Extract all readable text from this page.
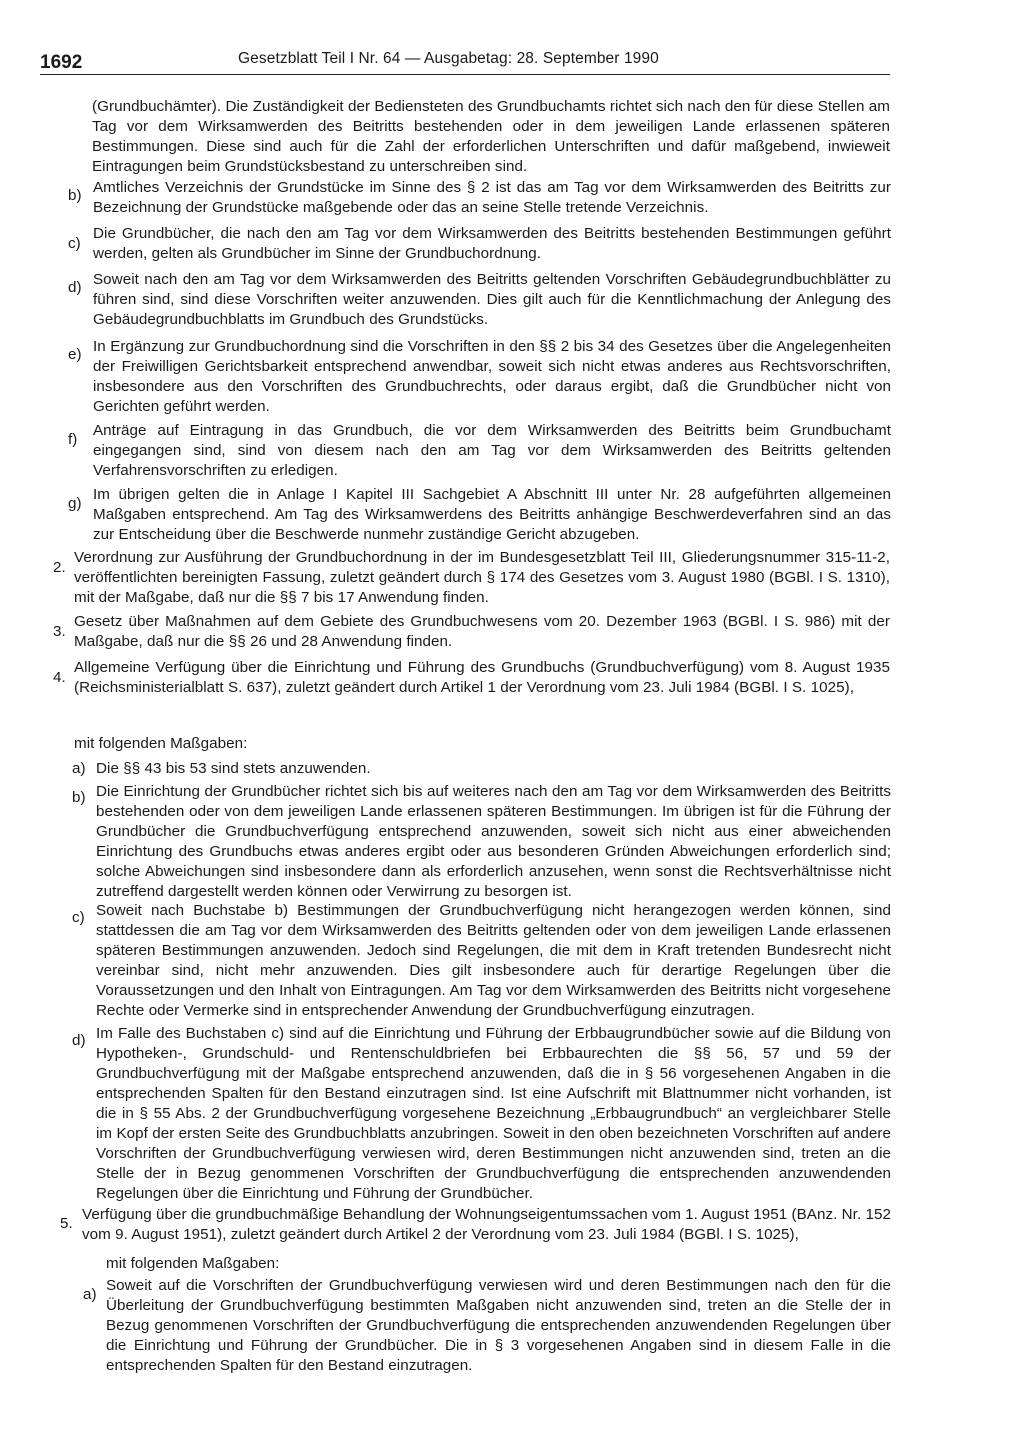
1692	Gesetzblatt Teil I Nr. 64 — Ausgabetag: 28. September 1990

(Grundbuchämter). Die Zuständigkeit der Bediensteten des Grundbuchamts richtet sich nach den für diese Stellen am Tag vor dem Wirksamwerden des Beitritts bestehenden oder in dem jeweiligen Lande erlassenen späteren Bestimmungen. Diese sind auch für die Zahl der erforderlichen Unterschriften und dafür maßgebend, inwieweit Eintragungen beim Grundstücksbestand zu unterschreiben sind.

b) Amtliches Verzeichnis der Grundstücke im Sinne des § 2 ist das am Tag vor dem Wirksamwerden des Beitritts zur Bezeichnung der Grundstücke maßgebende oder das an seine Stelle tretende Verzeichnis.

c)

Die Grundbücher, die nach den am Tag vor dem Wirksamwerden des Beitritts bestehenden Bestimmungen geführt werden, gelten als Grundbücher im Sinne der Grundbuchordnung.

d) Soweit nach den am Tag vor dem Wirksamwerden des Beitritts geltenden Vorschriften Gebäudegrundbuchblätter zu führen sind, sind diese Vorschriften weiter anzuwenden. Dies gilt auch für die Kenntlichmachung der Anlegung des Gebäudegrundbuchblatts im Grundbuch des Grundstücks.

e) In Ergänzung zur Grundbuchordnung sind die Vorschriften in den §§ 2 bis 34 des Gesetzes über die Angelegenheiten der Freiwilligen Gerichtsbarkeit entsprechend anwendbar, soweit sich nicht etwas anderes aus Rechtsvorschriften, insbesondere aus den Vorschriften des Grundbuchrechts, oder daraus ergibt, daß die Grundbücher nicht von Gerichten geführt werden.

f)

Anträge auf Eintragung in das Grundbuch, die vor dem Wirksamwerden des Beitritts beim Grundbuchamt eingegangen sind, sind von diesem nach den am Tag vor dem Wirksamwerden des Beitritts geltenden Verfahrensvorschriften zu erledigen.

g)

Im übrigen gelten die in Anlage I Kapitel III Sachgebiet A Abschnitt III unter Nr. 28 aufgeführten allgemeinen Maßgaben entsprechend. Am Tag des Wirksamwerdens des Beitritts anhängige Beschwerdeverfahren sind an das zur Entscheidung über die Beschwerde nunmehr zuständige Gericht abzugeben.

2.

Verordnung zur Ausführung der Grundbuchordnung in der im Bundesgesetzblatt Teil III, Gliederungsnummer 315-11-2, veröffentlichten bereinigten Fassung, zuletzt geändert durch § 174 des Gesetzes vom 3. August 1980 (BGBl. I S. 1310), mit der Maßgabe, daß nur die §§ 7 bis 17 Anwendung finden.

3.

Gesetz über Maßnahmen auf dem Gebiete des Grundbuchwesens vom 20. Dezember 1963 (BGBl. I S. 986) mit der Maßgabe, daß nur die §§ 26 und 28 Anwendung finden.

4.

Allgemeine Verfügung über die Einrichtung und Führung des Grundbuchs (Grundbuchverfügung) vom 8. August 1935 (Reichsministerialblatt S. 637), zuletzt geändert durch Artikel 1 der Verordnung vom 23. Juli 1984 (BGBl. I S. 1025),

mit folgenden Maßgaben:

a) Die §§ 43 bis 53 sind stets anzuwenden.

b) Die Einrichtung der Grundbücher richtet sich bis auf weiteres nach den am Tag vor dem Wirksamwerden des Beitritts bestehenden oder von dem jeweiligen Lande erlassenen späteren Bestimmungen. Im übrigen ist für die Führung der Grundbücher die Grundbuchverfügung entsprechend anzuwenden, soweit sich nicht aus einer abweichenden Einrichtung des Grundbuchs etwas anderes ergibt oder aus besonderen Gründen Abweichungen erforderlich sind; solche Abweichungen sind insbesondere dann als erforderlich anzusehen, wenn sonst die Rechtsverhältnisse nicht zutreffend dargestellt werden können oder Verwirrung zu besorgen ist.

c) Soweit nach Buchstabe b) Bestimmungen der Grundbuchverfügung nicht herangezogen werden können, sind stattdessen die am Tag vor dem Wirksamwerden des Beitritts geltenden oder von dem jeweiligen Lande erlassenen späteren Bestimmungen anzuwenden. Jedoch sind Regelungen, die mit dem in Kraft tretenden Bundesrecht nicht vereinbar sind, nicht mehr anzuwenden. Dies gilt insbesondere auch für derartige Regelungen über die Voraussetzungen und den Inhalt von Eintragungen. Am Tag vor dem Wirksamwerden des Beitritts nicht vorgesehene Rechte oder Vermerke sind in entsprechender Anwendung der Grundbuchverfügung einzutragen.

d) Im Falle des Buchstaben c) sind auf die Einrichtung und Führung der Erbbaugrundbücher sowie auf die Bildung von Hypotheken-, Grundschuld- und Rentenschuldbriefen bei Erbbaurechten die §§ 56, 57 und 59 der Grundbuchverfügung mit der Maßgabe entsprechend anzuwenden, daß die in § 56 vorgesehenen Angaben in die entsprechenden Spalten für den Bestand einzutragen sind. Ist eine Aufschrift mit Blattnummer nicht vorhanden, ist die in § 55 Abs. 2 der Grundbuchverfügung vorgesehene Bezeichnung „Erbbaugrundbuch“ an vergleichbarer Stelle im Kopf der ersten Seite des Grundbuchblatts anzubringen. Soweit in den oben bezeichneten Vorschriften auf andere Vorschriften der Grundbuchverfügung verwiesen wird, deren Bestimmungen nicht anzuwenden sind, treten an die Stelle der in Bezug genommenen Vorschriften der Grundbuchverfügung die entsprechenden anzuwendenden Regelungen über die Einrichtung und Führung der Grundbücher.

5.

Verfügung über die grundbuchmäßige Behandlung der Wohnungseigentumssachen vom 1. August 1951 (BAnz. Nr. 152 vom 9. August 1951), zuletzt geändert durch Artikel 2 der Verordnung vom 23. Juli 1984 (BGBl. I S. 1025),

mit folgenden Maßgaben:

a)

Soweit auf die Vorschriften der Grundbuchverfügung verwiesen wird und deren Bestimmungen nach den für die Überleitung der Grundbuchverfügung bestimmten Maßgaben nicht anzuwenden sind, treten an die Stelle der in Bezug genommenen Vorschriften der Grundbuchverfügung die entsprechenden anzuwendenden Regelungen über die Einrichtung und Führung der Grundbücher. Die in § 3 vorgesehenen Angaben sind in diesem Falle in die entsprechenden Spalten für den Bestand einzutragen.
